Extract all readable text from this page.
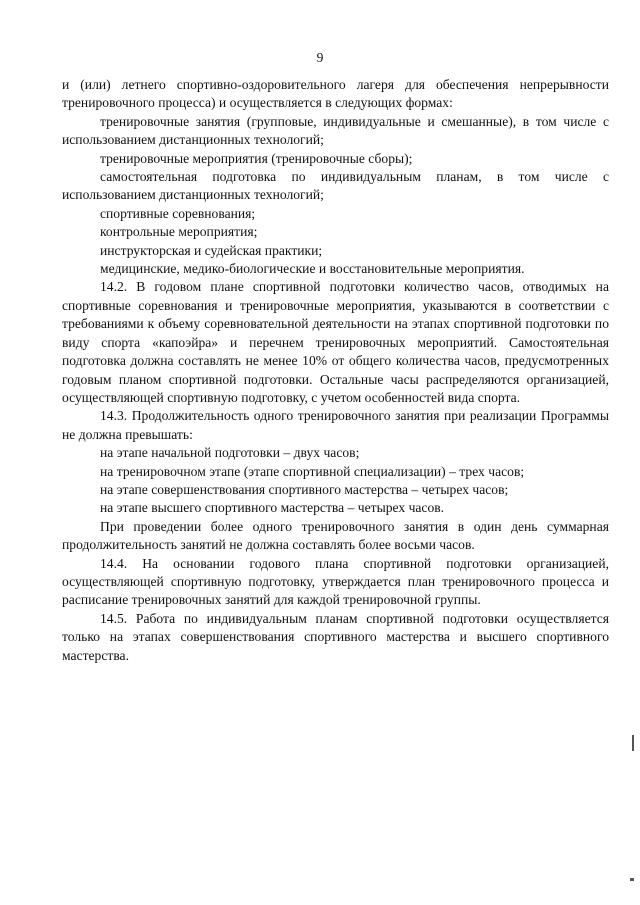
9

и (или) летнего спортивно-оздоровительного лагеря для обеспечения непрерывности тренировочного процесса) и осуществляется в следующих формах:

тренировочные занятия (групповые, индивидуальные и смешанные), в том числе с использованием дистанционных технологий;

тренировочные мероприятия (тренировочные сборы);

самостоятельная подготовка по индивидуальным планам, в том числе с использованием дистанционных технологий;

спортивные соревнования;

контрольные мероприятия;

инструкторская и судейская практики;

медицинские, медико-биологические и восстановительные мероприятия.

14.2. В годовом плане спортивной подготовки количество часов, отводимых на спортивные соревнования и тренировочные мероприятия, указываются в соответствии с требованиями к объему соревновательной деятельности на этапах спортивной подготовки по виду спорта «капоэйра» и перечнем тренировочных мероприятий. Самостоятельная подготовка должна составлять не менее 10% от общего количества часов, предусмотренных годовым планом спортивной подготовки. Остальные часы распределяются организацией, осуществляющей спортивную подготовку, с учетом особенностей вида спорта.

14.3. Продолжительность одного тренировочного занятия при реализации Программы не должна превышать:

на этапе начальной подготовки – двух часов;

на тренировочном этапе (этапе спортивной специализации) – трех часов;

на этапе совершенствования спортивного мастерства – четырех часов;

на этапе высшего спортивного мастерства – четырех часов.

При проведении более одного тренировочного занятия в один день суммарная продолжительность занятий не должна составлять более восьми часов.

14.4. На основании годового плана спортивной подготовки организацией, осуществляющей спортивную подготовку, утверждается план тренировочного процесса и расписание тренировочных занятий для каждой тренировочной группы.

14.5. Работа по индивидуальным планам спортивной подготовки осуществляется только на этапах совершенствования спортивного мастерства и высшего спортивного мастерства.
